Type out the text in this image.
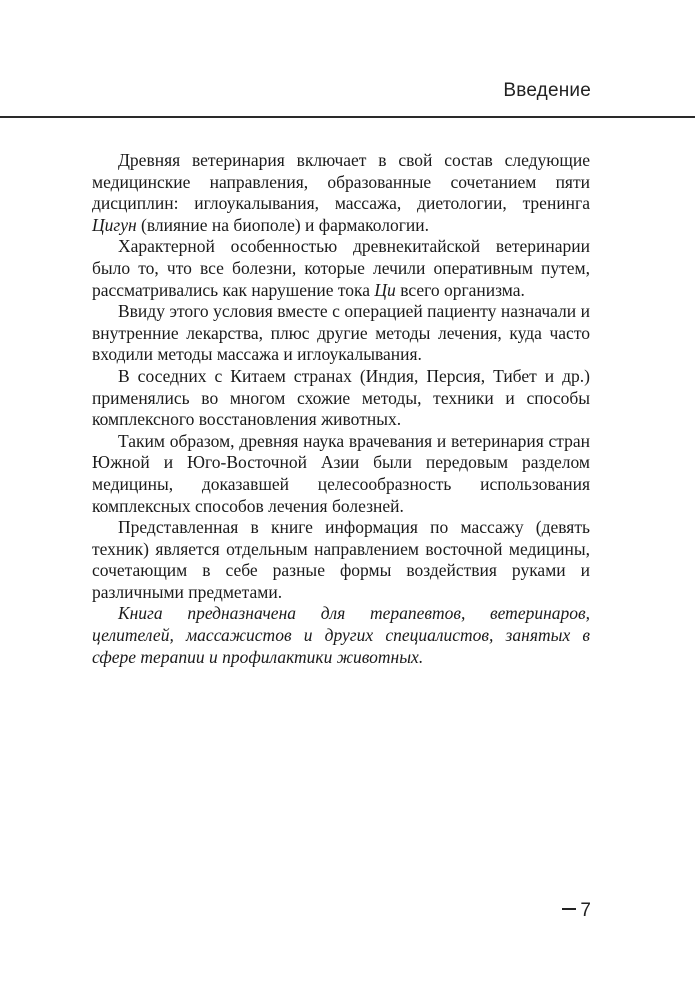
Введение

Древняя ветеринария включает в свой состав следующие медицинские направления, образованные сочетанием пяти дисциплин: иглоукалывания, массажа, диетологии, тренинга Цигун (влияние на биополе) и фармакологии.

Характерной особенностью древнекитайской ветеринарии было то, что все болезни, которые лечили оперативным путем, рассматривались как нарушение тока Ци всего организма.

Ввиду этого условия вместе с операцией пациенту назначали и внутренние лекарства, плюс другие методы лечения, куда часто входили методы массажа и иглоукалывания.

В соседних с Китаем странах (Индия, Персия, Тибет и др.) применялись во многом схожие методы, техники и способы комплексного восстановления животных.

Таким образом, древняя наука врачевания и ветеринария стран Южной и Юго-Восточной Азии были передовым разделом медицины, доказавшей целесообразность использования комплексных способов лечения болезней.

Представленная в книге информация по массажу (девять техник) является отдельным направлением восточной медицины, сочетающим в себе разные формы воздействия руками и различными предметами.

Книга предназначена для терапевтов, ветеринаров, целителей, массажистов и других специалистов, занятых в сфере терапии и профилактики животных.

7
